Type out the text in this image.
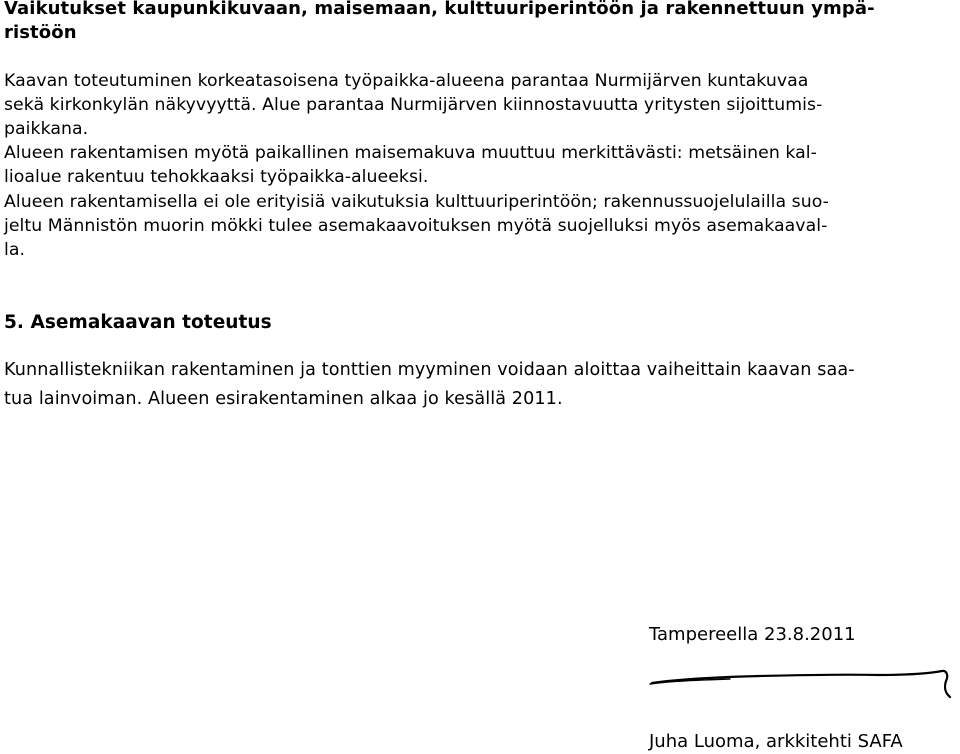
Vaikutukset kaupunkikuvaan, maisemaan, kulttuuriperintöön ja rakennettuun ympä-
ristöön
Kaavan toteutuminen korkeatasoisena työpaikka-alueena parantaa Nurmijärven kuntakuvaa
sekä kirkonkylän näkyvyyttä. Alue parantaa Nurmijärven kiinnostavuutta yritysten sijoittumis-
paikkana.
Alueen rakentamisen myötä paikallinen maisemakuva muuttuu merkittävästi: metsäinen kal-
lioalue rakentuu tehokkaaksi työpaikka-alueeksi.
Alueen rakentamisella ei ole erityisiä vaikutuksia kulttuuriperintöön; rakennussuojelulailla suo-
jeltu Männistön muorin mökki tulee asemakaavoituksen myötä suojelluksi myös asemakaaval-
la.
5. Asemakaavan toteutus
Kunnallistekniikan rakentaminen ja tonttien myyminen voidaan aloittaa vaiheittain kaavan saa-
tua lainvoiman. Alueen esirakentaminen alkaa jo kesällä 2011.
Tampereella 23.8.2011
Juha Luoma, arkkitehti SAFA
